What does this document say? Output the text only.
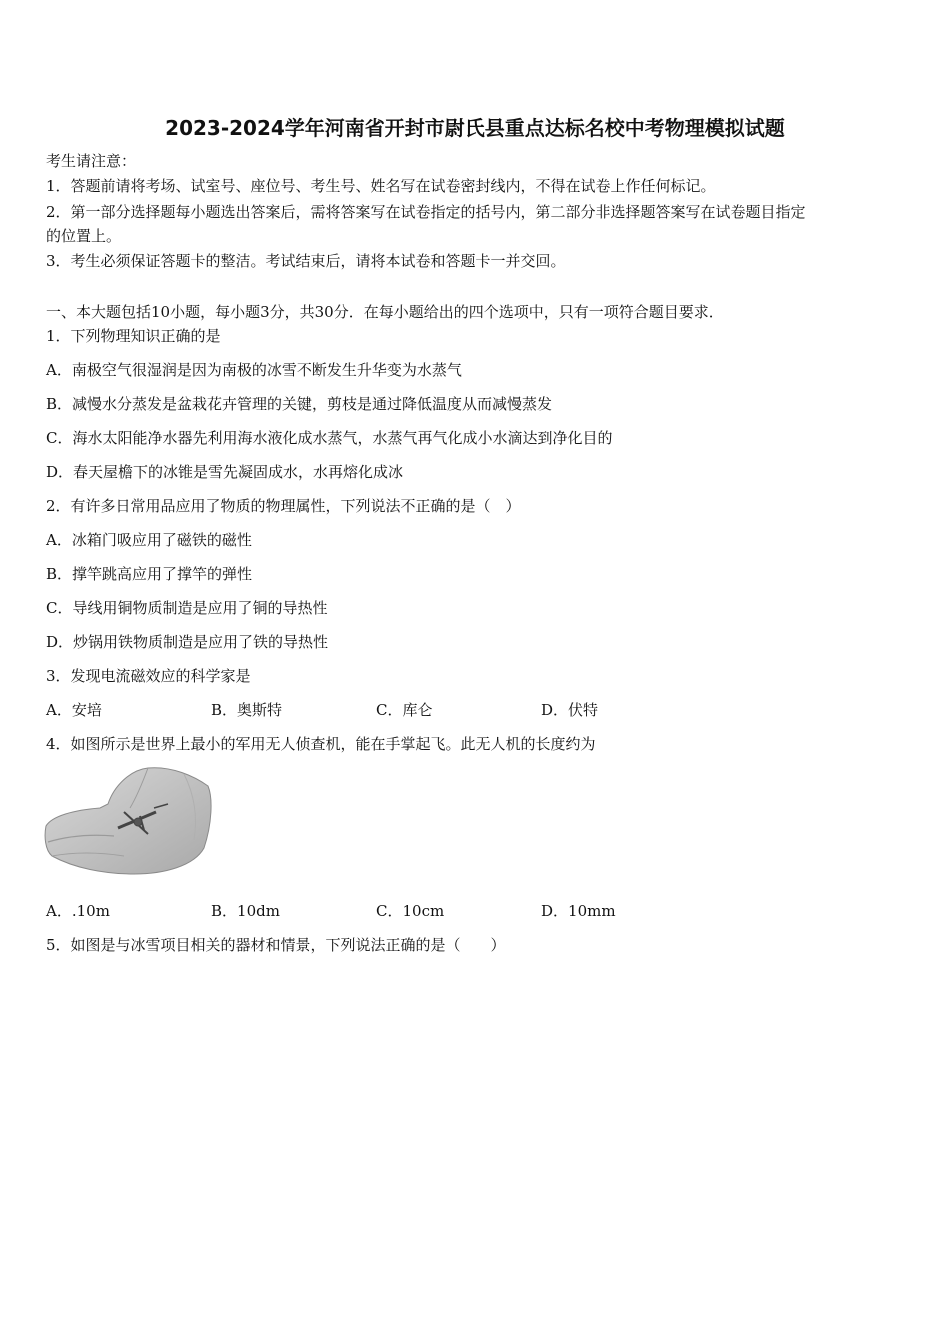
2023-2024学年河南省开封市尉氏县重点达标名校中考物理模拟试题
考生请注意：
1．答题前请将考场、试室号、座位号、考生号、姓名写在试卷密封线内，不得在试卷上作任何标记。
2．第一部分选择题每小题选出答案后，需将答案写在试卷指定的括号内，第二部分非选择题答案写在试卷题目指定
的位置上。
3．考生必须保证答题卡的整洁。考试结束后，请将本试卷和答题卡一并交回。
一、本大题包括10小题，每小题3分，共30分．在每小题给出的四个选项中，只有一项符合题目要求．
1．下列物理知识正确的是
A．南极空气很湿润是因为南极的冰雪不断发生升华变为水蒸气
B．减慢水分蒸发是盆栽花卉管理的关键，剪枝是通过降低温度从而减慢蒸发
C．海水太阳能净水器先利用海水液化成水蒸气，水蒸气再气化成小水滴达到净化目的
D．春天屋檐下的冰锥是雪先凝固成水，水再熔化成冰
2．有许多日常用品应用了物质的物理属性，下列说法不正确的是（　）
A．冰箱门吸应用了磁铁的磁性
B．撑竿跳高应用了撑竿的弹性
C．导线用铜物质制造是应用了铜的导热性
D．炒锅用铁物质制造是应用了铁的导热性
3．发现电流磁效应的科学家是
A．安培	B．奥斯特	C．库仑	D．伏特
4．如图所示是世界上最小的军用无人侦查机，能在手掌起飞。此无人机的长度约为
A．.10m	B．10dm	C．10cm	D．10mm
5．如图是与冰雪项目相关的器材和情景，下列说法正确的是（　　）
